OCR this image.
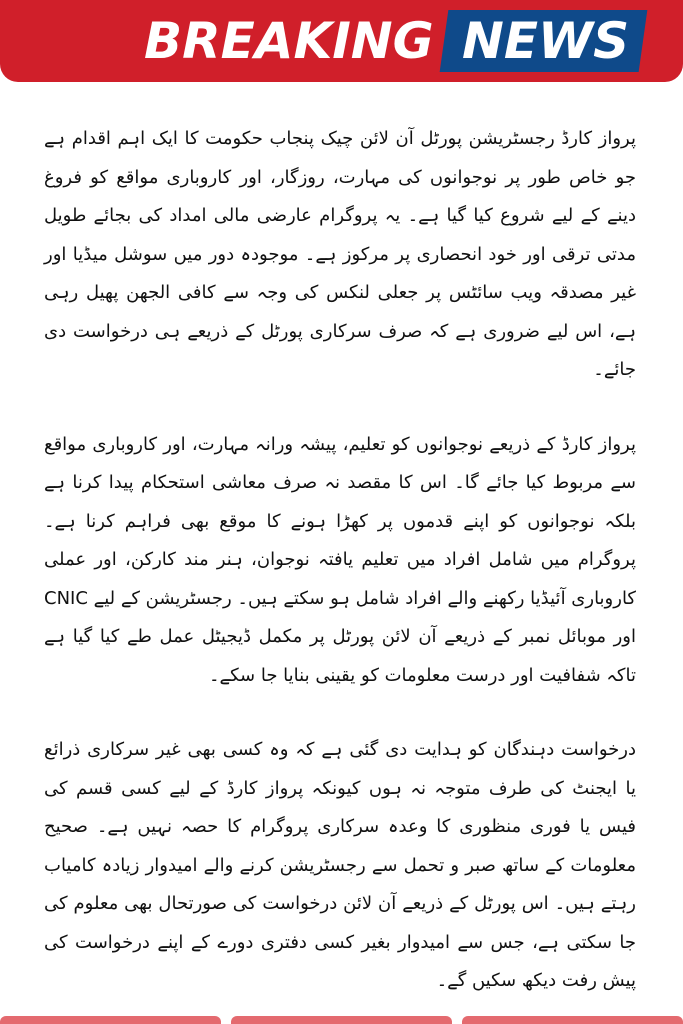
BREAKING NEWS

پرواز کارڈ رجسٹریشن پورٹل آن لائن چیک پنجاب حکومت کا ایک اہم اقدام ہے جو خاص طور پر نوجوانوں کی مہارت، روزگار، اور کاروباری مواقع کو فروغ دینے کے لیے شروع کیا گیا ہے۔ یہ پروگرام عارضی مالی امداد کی بجائے طویل مدتی ترقی اور خود انحصاری پر مرکوز ہے۔ موجودہ دور میں سوشل میڈیا اور غیر مصدقہ ویب سائٹس پر جعلی لنکس کی وجہ سے کافی الجھن پھیل رہی ہے، اس لیے ضروری ہے کہ صرف سرکاری پورٹل کے ذریعے ہی درخواست دی جائے۔

پرواز کارڈ کے ذریعے نوجوانوں کو تعلیم، پیشہ ورانہ مہارت، اور کاروباری مواقع سے مربوط کیا جائے گا۔ اس کا مقصد نہ صرف معاشی استحکام پیدا کرنا ہے بلکہ نوجوانوں کو اپنے قدموں پر کھڑا ہونے کا موقع بھی فراہم کرنا ہے۔ پروگرام میں شامل افراد میں تعلیم یافتہ نوجوان، ہنر مند کارکن، اور عملی کاروباری آئیڈیا رکھنے والے افراد شامل ہو سکتے ہیں۔ رجسٹریشن کے لیے CNIC اور موبائل نمبر کے ذریعے آن لائن پورٹل پر مکمل ڈیجیٹل عمل طے کیا گیا ہے تاکہ شفافیت اور درست معلومات کو یقینی بنایا جا سکے۔

درخواست دہندگان کو ہدایت دی گئی ہے کہ وہ کسی بھی غیر سرکاری ذرائع یا ایجنٹ کی طرف متوجہ نہ ہوں کیونکہ پرواز کارڈ کے لیے کسی قسم کی فیس یا فوری منظوری کا وعدہ سرکاری پروگرام کا حصہ نہیں ہے۔ صحیح معلومات کے ساتھ صبر و تحمل سے رجسٹریشن کرنے والے امیدوار زیادہ کامیاب رہتے ہیں۔ اس پورٹل کے ذریعے آن لائن درخواست کی صورتحال بھی معلوم کی جا سکتی ہے، جس سے امیدوار بغیر کسی دفتری دورے کے اپنے درخواست کی پیش رفت دیکھ سکیں گے۔
